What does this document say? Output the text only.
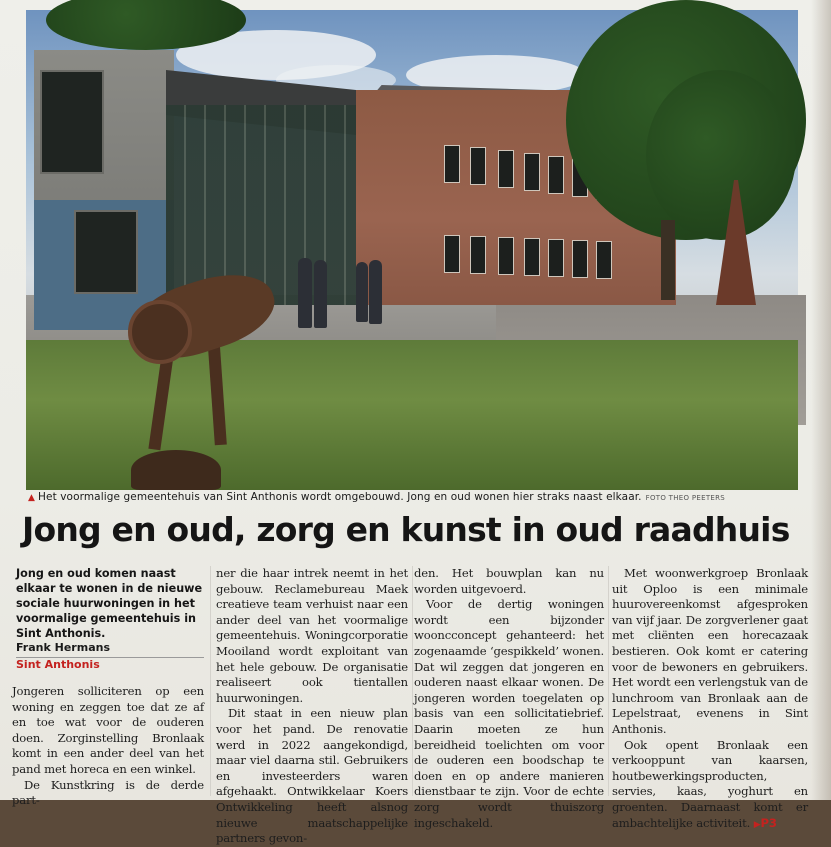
▲ Het voormalige gemeentehuis van Sint Anthonis wordt omgebouwd. Jong en oud wonen hier straks naast elkaar. FOTO THEO PEETERS
Jong en oud, zorg en kunst in oud raadhuis
Jong en oud komen naast elkaar te wonen in de nieuwe sociale huurwoningen in het voormalige gemeentehuis in Sint Anthonis.
Frank Hermans
Sint Anthonis

Jongeren solliciteren op een woning en zeggen toe dat ze af en toe wat voor de ouderen doen. Zorginstelling Bronlaak komt in een ander deel van het pand met horeca en een winkel.

De Kunstkring is de derde part-

ner die haar intrek neemt in het gebouw. Reclamebureau Maek creatieve team verhuist naar een ander deel van het voormalige gemeentehuis. Woningcorporatie Mooiland wordt exploitant van het hele gebouw. De organisatie realiseert ook tientallen huurwoningen.

Dit staat in een nieuw plan voor het pand. De renovatie werd in 2022 aangekondigd, maar viel daarna stil. Gebruikers en investeerders waren afgehaakt. Ontwikkelaar Koers Ontwikkeling heeft alsnog nieuwe maatschappelijke partners gevon-

den. Het bouwplan kan nu worden uitgevoerd.

Voor de dertig woningen wordt een bijzonder wooncconcept gehanteerd: het zogenaamde ‘gespikkeld’ wonen. Dat wil zeggen dat jongeren en ouderen naast elkaar wonen. De jongeren worden toegelaten op basis van een sollicitatiebrief. Daarin moeten ze hun bereidheid toelichten om voor de ouderen een boodschap te doen en op andere manieren dienstbaar te zijn. Voor de echte zorg wordt thuiszorg ingeschakeld.

Met woonwerkgroep Bronlaak uit Oploo is een minimale huurovereenkomst afgesproken van vijf jaar. De zorgverlener gaat met cliënten een horecazaak bestieren. Ook komt er catering voor de bewoners en gebruikers. Het wordt een verlengstuk van de lunchroom van Bronlaak aan de Lepelstraat, evenens in Sint Anthonis.

Ook opent Bronlaak een verkooppunt van kaarsen, houtbewerkingsproducten, servies, kaas, yoghurt en groenten. Daarnaast komt er ambachtelijke activiteit. ▶P3
